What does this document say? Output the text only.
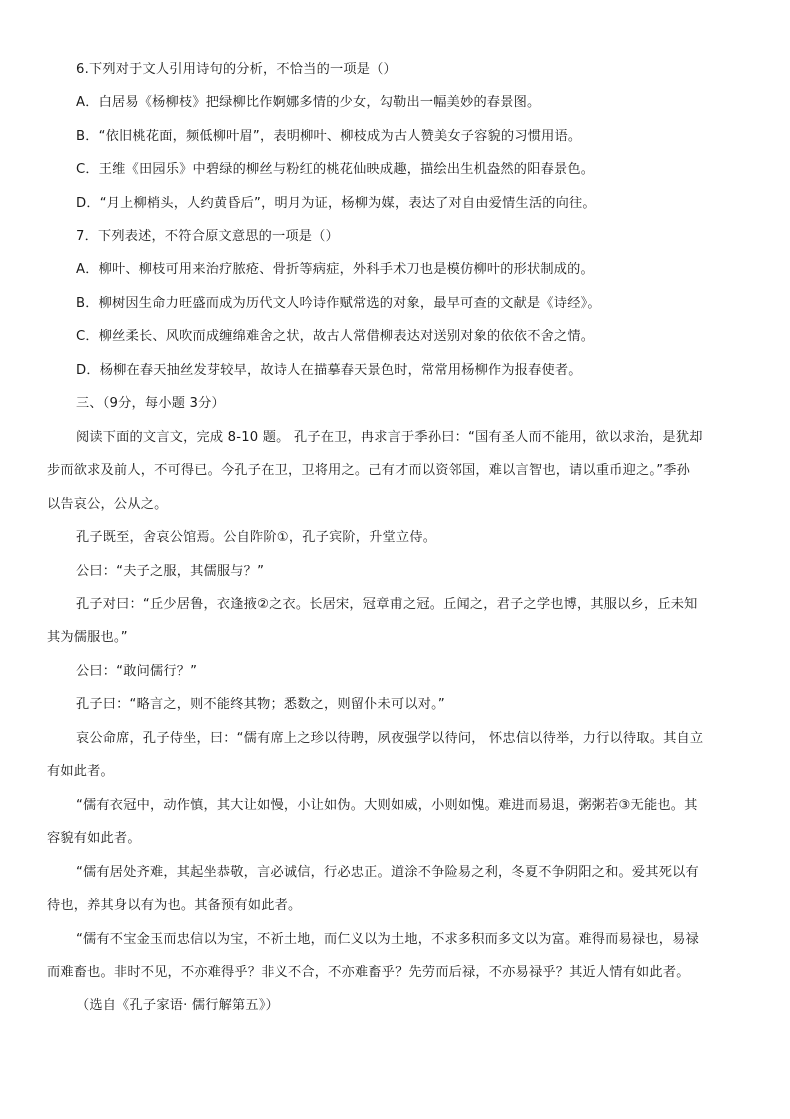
6.下列对于文人引用诗句的分析，不恰当的一项是（）

A．白居易《杨柳枝》把绿柳比作婀娜多情的少女，勾勒出一幅美妙的春景图。

B．“依旧桃花面，频低柳叶眉”，表明柳叶、柳枝成为古人赞美女子容貌的习惯用语。

C．王维《田园乐》中碧绿的柳丝与粉红的桃花仙映成趣，描绘出生机盎然的阳春景色。

D．“月上柳梢头，人约黄昏后”，明月为证，杨柳为媒，表达了对自由爱情生活的向往。

7．下列表述，不符合原文意思的一项是（）

A．柳叶、柳枝可用来治疗脓疮、骨折等病症，外科手术刀也是模仿柳叶的形状制成的。

B．柳树因生命力旺盛而成为历代文人吟诗作赋常选的对象，最早可查的文献是《诗经》。

C．柳丝柔长、风吹而成缠绵难舍之状，故古人常借柳表达对送别对象的依依不舍之情。

D．杨柳在春天抽丝发芽较早，故诗人在描摹春天景色时，常常用杨柳作为报春使者。

三、（9分，每小题 3分）

阅读下面的文言文，完成 8-10 题。 孔子在卫，冉求言于季孙曰：“国有圣人而不能用，欲以求治，是犹却

步而欲求及前人，不可得已。今孔子在卫，卫将用之。己有才而以资邻国，难以言智也，请以重币迎之。”季孙

以告哀公，公从之。

孔子既至，舍哀公馆焉。公自阼阶①，孔子宾阶，升堂立侍。

公曰：“夫子之服，其儒服与？”

孔子对曰：“丘少居鲁，衣逢掖②之衣。长居宋，冠章甫之冠。丘闻之，君子之学也博，其服以乡，丘未知

其为儒服也。”

公曰：“敢问儒行？”

孔子曰：“略言之，则不能终其物；悉数之，则留仆未可以对。”

哀公命席，孔子侍坐，曰：“儒有席上之珍以待聘，夙夜强学以待问， 怀忠信以待举，力行以待取。其自立

有如此者。

“儒有衣冠中，动作慎，其大让如慢，小让如伪。大则如威，小则如愧。难进而易退，粥粥若③无能也。其

容貌有如此者。

“儒有居处齐难，其起坐恭敬，言必诚信，行必忠正。道涂不争险易之利，冬夏不争阴阳之和。爱其死以有

待也，养其身以有为也。其备预有如此者。

“儒有不宝金玉而忠信以为宝，不祈土地，而仁义以为土地，不求多积而多文以为富。难得而易禄也，易禄

而难畜也。非时不见，不亦难得乎？非义不合，不亦难畜乎？先劳而后禄，不亦易禄乎？其近人情有如此者。

（选自《孔子家语· 儒行解第五》）
